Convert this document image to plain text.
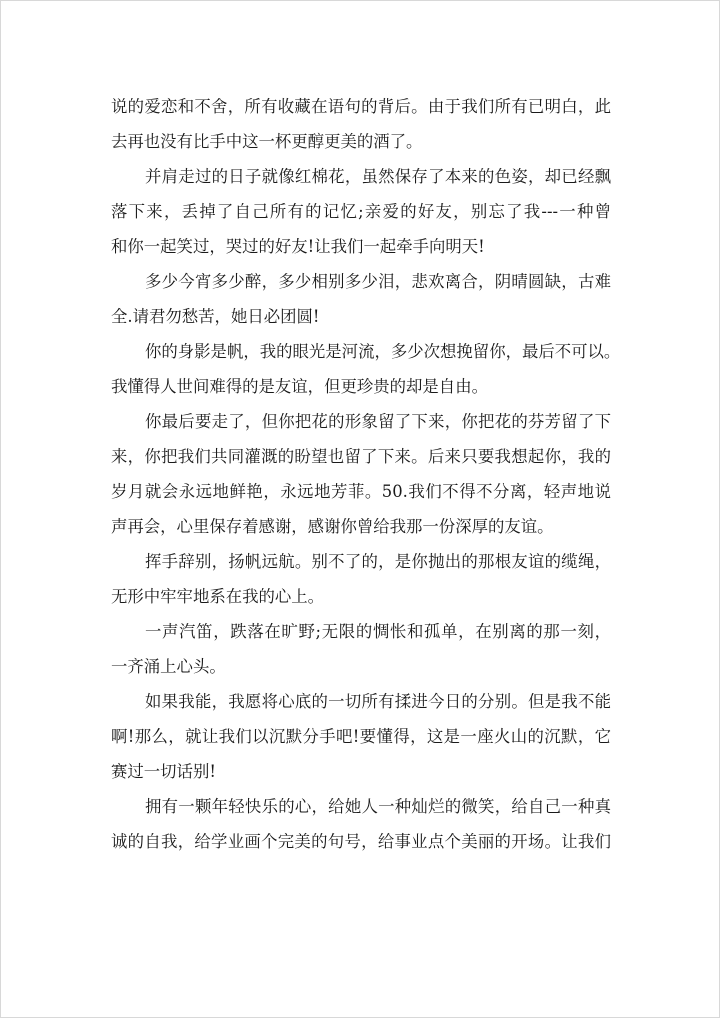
说的爱恋和不舍，所有收藏在语句的背后。由于我们所有已明白，此
去再也没有比手中这一杯更醇更美的酒了。
并肩走过的日子就像红棉花，虽然保存了本来的色姿，却已经飘
落下来，丢掉了自己所有的记忆;亲爱的好友，别忘了我---一种曾
和你一起笑过，哭过的好友!让我们一起牵手向明天!
多少今宵多少醉，多少相别多少泪，悲欢离合，阴晴圆缺，古难
全.请君勿愁苦，她日必团圆!
你的身影是帆，我的眼光是河流，多少次想挽留你，最后不可以。
我懂得人世间难得的是友谊，但更珍贵的却是自由。
你最后要走了，但你把花的形象留了下来，你把花的芬芳留了下
来，你把我们共同灌溉的盼望也留了下来。后来只要我想起你，我的
岁月就会永远地鲜艳，永远地芳菲。50.我们不得不分离，轻声地说
声再会，心里保存着感谢，感谢你曾给我那一份深厚的友谊。
挥手辞别，扬帆远航。别不了的，是你抛出的那根友谊的缆绳，
无形中牢牢地系在我的心上。
一声汽笛，跌落在旷野;无限的惆怅和孤单，在别离的那一刻，
一齐涌上心头。
如果我能，我愿将心底的一切所有揉进今日的分别。但是我不能
啊!那么，就让我们以沉默分手吧!要懂得，这是一座火山的沉默，它
赛过一切话别!
拥有一颗年轻快乐的心，给她人一种灿烂的微笑，给自己一种真
诚的自我，给学业画个完美的句号，给事业点个美丽的开场。让我们
